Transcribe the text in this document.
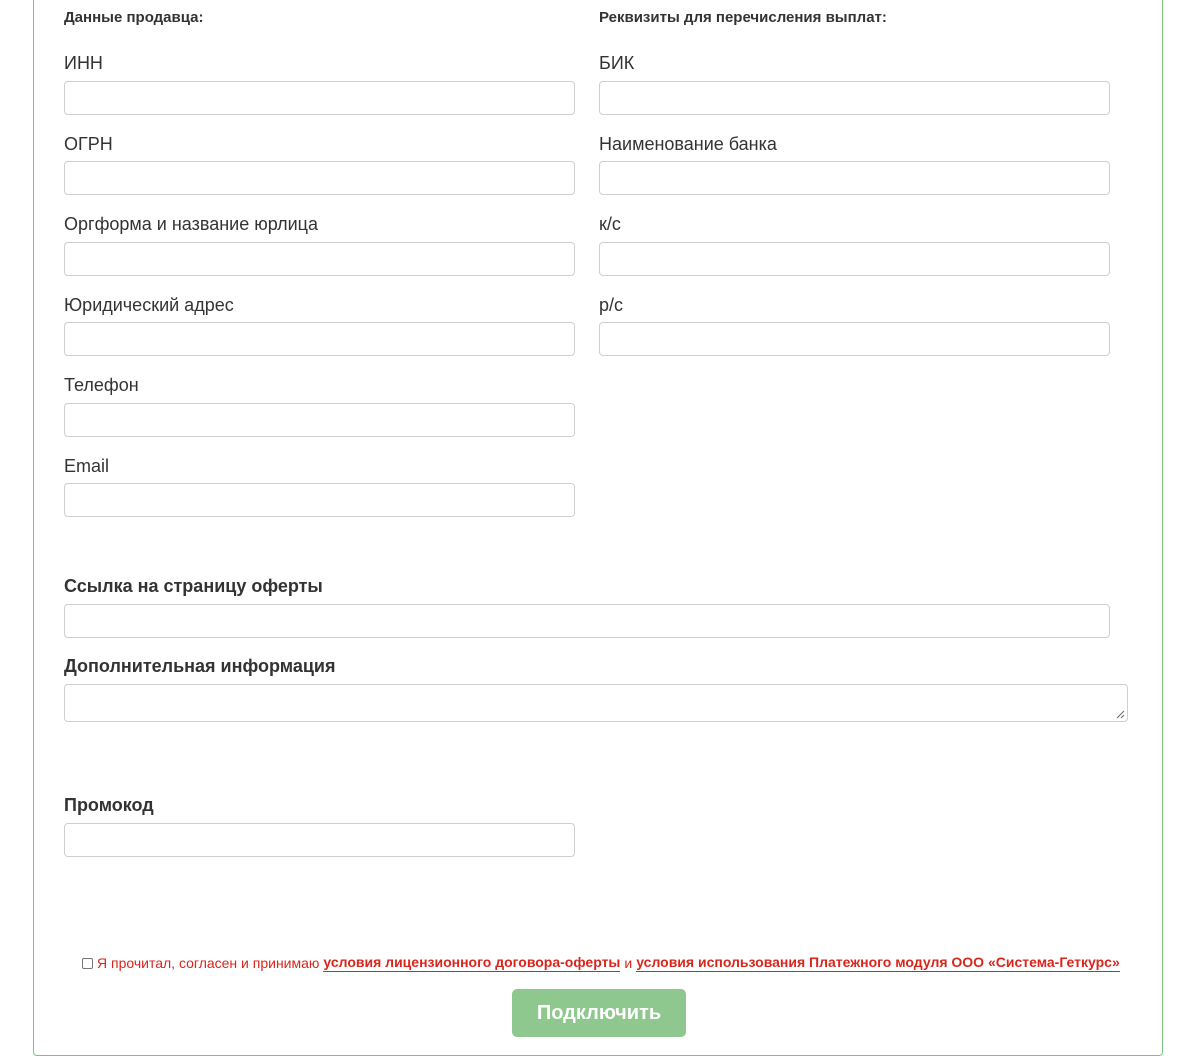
Данные продавца:	Реквизиты для перечисления выплат:
ИНН
ОГРН
Оргформа и название юрлица
Юридический адрес
Телефон
Email
БИК
Наименование банка
к/с
р/с
Ссылка на страницу оферты
Дополнительная информация
Промокод
Я прочитал, согласен и принимаю условия лицензионного договора-оферты и условия использования Платежного модуля ООО «Система-Геткурс»
Подключить
